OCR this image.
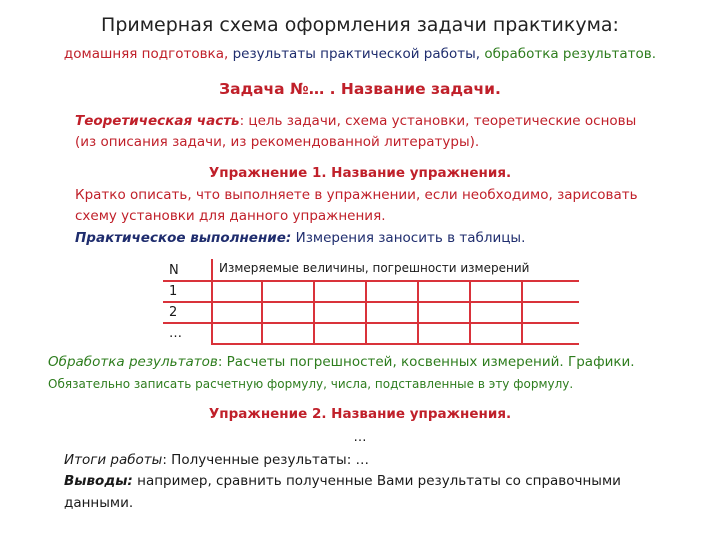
Примерная схема оформления задачи практикума:
домашняя подготовка, результаты практической работы, обработка результатов.
Задача №… . Название задачи.
Теоретическая часть: цель задачи, схема установки, теоретические основы
(из описания задачи, из рекомендованной литературы).
Упражнение 1. Название упражнения.
Кратко описать, что выполняете в упражнении, если необходимо, зарисовать
схему установки для данного упражнения.
Практическое выполнение: Измерения заносить в таблицы.
N	Измеряемые величины, погрешности измерений						
1							
2							
…							
Обработка результатов: Расчеты погрешностей, косвенных измерений. Графики.
Обязательно записать расчетную формулу, числа, подставленные в эту формулу.
Упражнение 2. Название упражнения.
…
Итоги работы: Полученные результаты: …
Выводы: например, сравнить полученные Вами результаты со справочными
данными.
